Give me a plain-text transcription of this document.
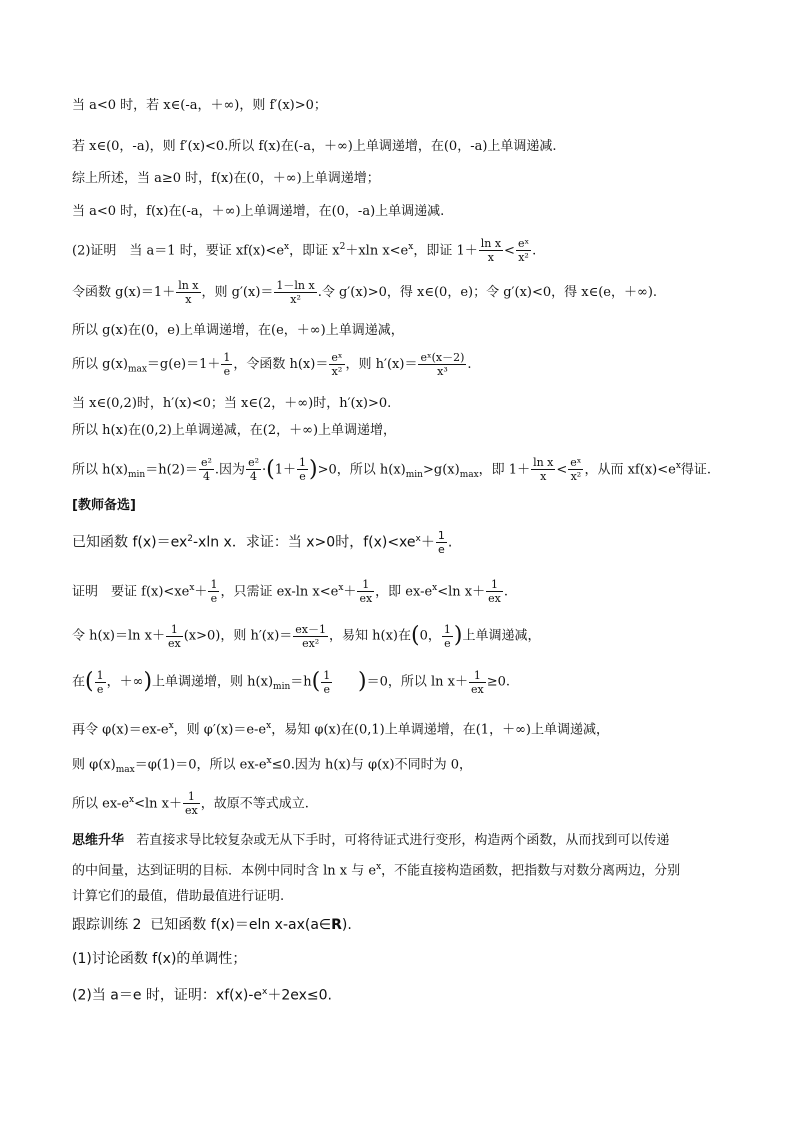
当 a<0 时，若 x∈(-a，＋∞)，则 f′(x)>0；
若 x∈(0，-a)，则 f′(x)<0.所以 f(x)在(-a，＋∞)上单调递增，在(0，-a)上单调递减.
综上所述，当 a≥0 时，f(x)在(0，＋∞)上单调递增；
当 a<0 时，f(x)在(-a，＋∞)上单调递增，在(0，-a)上单调递减.
(2)证明　当 a＝1 时，要证 $xf(x)<e^x$，即证 $x^2+xln$ $x<e^x$，即证 $1+ \frac{\text{ln x}}{x} < \frac{\text{eˣ}}{\text{x²}}$ .
令函数 $g(x)=1+ \frac{\text{ln x}}{x}$ ，则 $g'(x)= \frac{\text{1－ln x}}{\text{x²}}$ .令 g′(x)>0，得 x∈(0，e)；令 g′(x)<0，得 x∈(e，＋∞).
所以 g(x)在(0，e)上单调递增，在(e，＋∞)上单调递减，
所以 $g(x)_{max}=g(e)=1+ \frac{1}{e}$ ，令函数 $h(x)= \frac{\text{eˣ}}{\text{x²}}$ ，则 $h'(x)= \frac{\text{eˣ(x－2)}}{\text{x³}}$ .
当 x∈(0,2)时，h′(x)<0；当 x∈(2，＋∞)时，h′(x)>0.
所以 h(x)在(0,2)上单调递减，在(2，＋∞)上单调递增，
所以 $h(x)_{min}=h(2)= \frac{\text{e²}}{4}$ .因为 $\frac{\text{e²}}{4} \cdot(1+ \frac{1}{e} )>0$，所以 $h(x)_{min}>g(x)_{max}$，即 $1+ \frac{\text{ln x}}{x} < \frac{\text{eˣ}}{\text{x²}}$ ，从而 $xf(x)<e^x$得证.
[教师备选]
已知函数 $f(x)=ex^2$-xln x．求证：当 x>0时，$f(x)<xe^x+ \frac{1}{e}$ .
证明　要证 $f(x)<xe^x+ \frac{1}{e}$ ，只需证 ex-ln $x<e^x+ \frac{1}{ex}$ ，即 $ex-e^x<\ln$ $x+ \frac{1}{ex}$ .
令 h(x)＝ln $x+ \frac{1}{ex} (x>0)$，则 $h'(x)= \frac{ex-1}{\text{ex²}}$ ，易知 h(x)在(0， $\frac{1}{e}$ )上单调递减，
在( $\frac{1}{e}$ ，＋∞)上单调递增，则 $h(x)_{min}=h( \frac{1}{e} )=0$，所以 $\ln x+ \frac{1}{ex} \ge 0$.
再令 $\varphi(x)=ex-e^x$，则 $\varphi'(x)=e-e^x$，易知 φ(x)在(0,1)上单调递增，在(1，＋∞)上单调递减，
则 $\varphi(x)_{max}=\varphi(1)=0$，所以 $ex-e^x\le 0$.因为 h(x)与 φ(x)不同时为 0，
所以 $ex-e^x<\ln$ $x+ \frac{1}{ex}$ ，故原不等式成立.
思维升华 若直接求导比较复杂或无从下手时，可将待证式进行变形，构造两个函数，从而找到可以传递的中间量，达到证明的目标．本例中同时含 ln x 与 $e^x$，不能直接构造函数，把指数与对数分离两边，分别计算它们的最值，借助最值进行证明.
跟踪训练 2 已知函数 f(x)＝eln x-ax(a∈R).
(1)讨论函数 f(x)的单调性；
(2)当 a＝e 时，证明：$xf(x)-e^x+2ex\le 0$.
